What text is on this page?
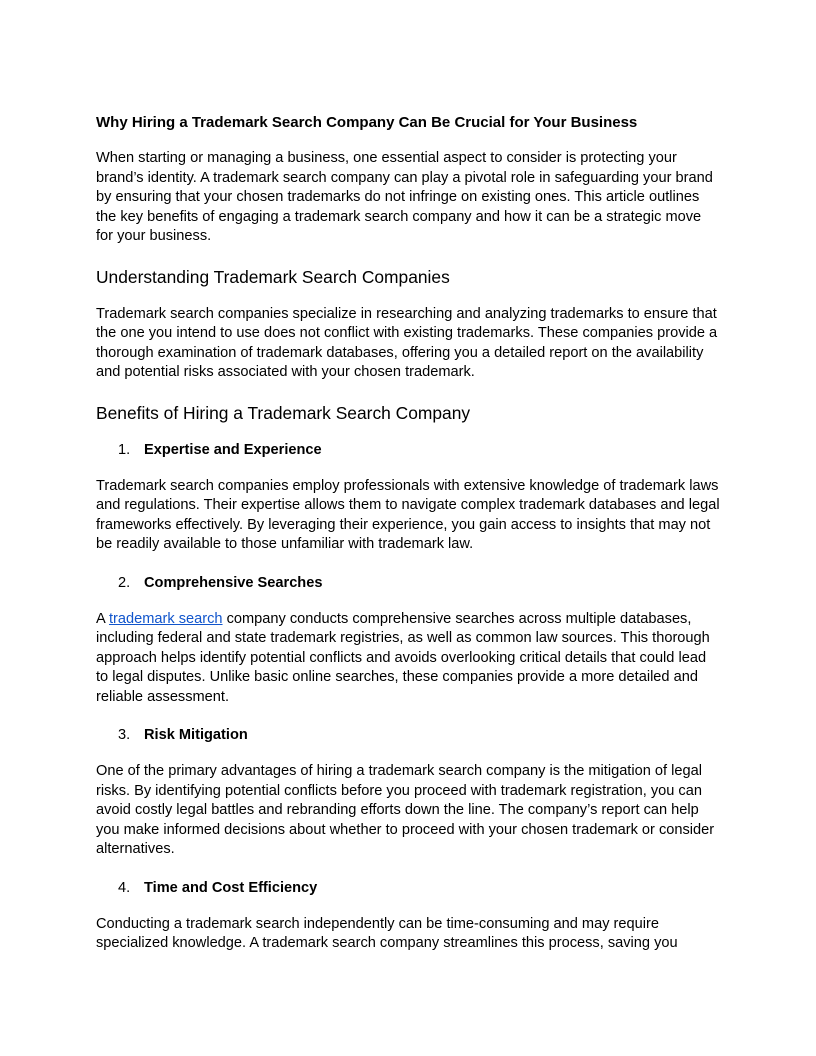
Why Hiring a Trademark Search Company Can Be Crucial for Your Business

When starting or managing a business, one essential aspect to consider is protecting your brand’s identity. A trademark search company can play a pivotal role in safeguarding your brand by ensuring that your chosen trademarks do not infringe on existing ones. This article outlines the key benefits of engaging a trademark search company and how it can be a strategic move for your business.

Understanding Trademark Search Companies

Trademark search companies specialize in researching and analyzing trademarks to ensure that the one you intend to use does not conflict with existing trademarks. These companies provide a thorough examination of trademark databases, offering you a detailed report on the availability and potential risks associated with your chosen trademark.

Benefits of Hiring a Trademark Search Company
1. Expertise and Experience

Trademark search companies employ professionals with extensive knowledge of trademark laws and regulations. Their expertise allows them to navigate complex trademark databases and legal frameworks effectively. By leveraging their experience, you gain access to insights that may not be readily available to those unfamiliar with trademark law.

2. Comprehensive Searches

A trademark search company conducts comprehensive searches across multiple databases, including federal and state trademark registries, as well as common law sources. This thorough approach helps identify potential conflicts and avoids overlooking critical details that could lead to legal disputes. Unlike basic online searches, these companies provide a more detailed and reliable assessment.

3. Risk Mitigation

One of the primary advantages of hiring a trademark search company is the mitigation of legal risks. By identifying potential conflicts before you proceed with trademark registration, you can avoid costly legal battles and rebranding efforts down the line. The company’s report can help you make informed decisions about whether to proceed with your chosen trademark or consider alternatives.

4. Time and Cost Efficiency

Conducting a trademark search independently can be time-consuming and may require specialized knowledge. A trademark search company streamlines this process, saving you
